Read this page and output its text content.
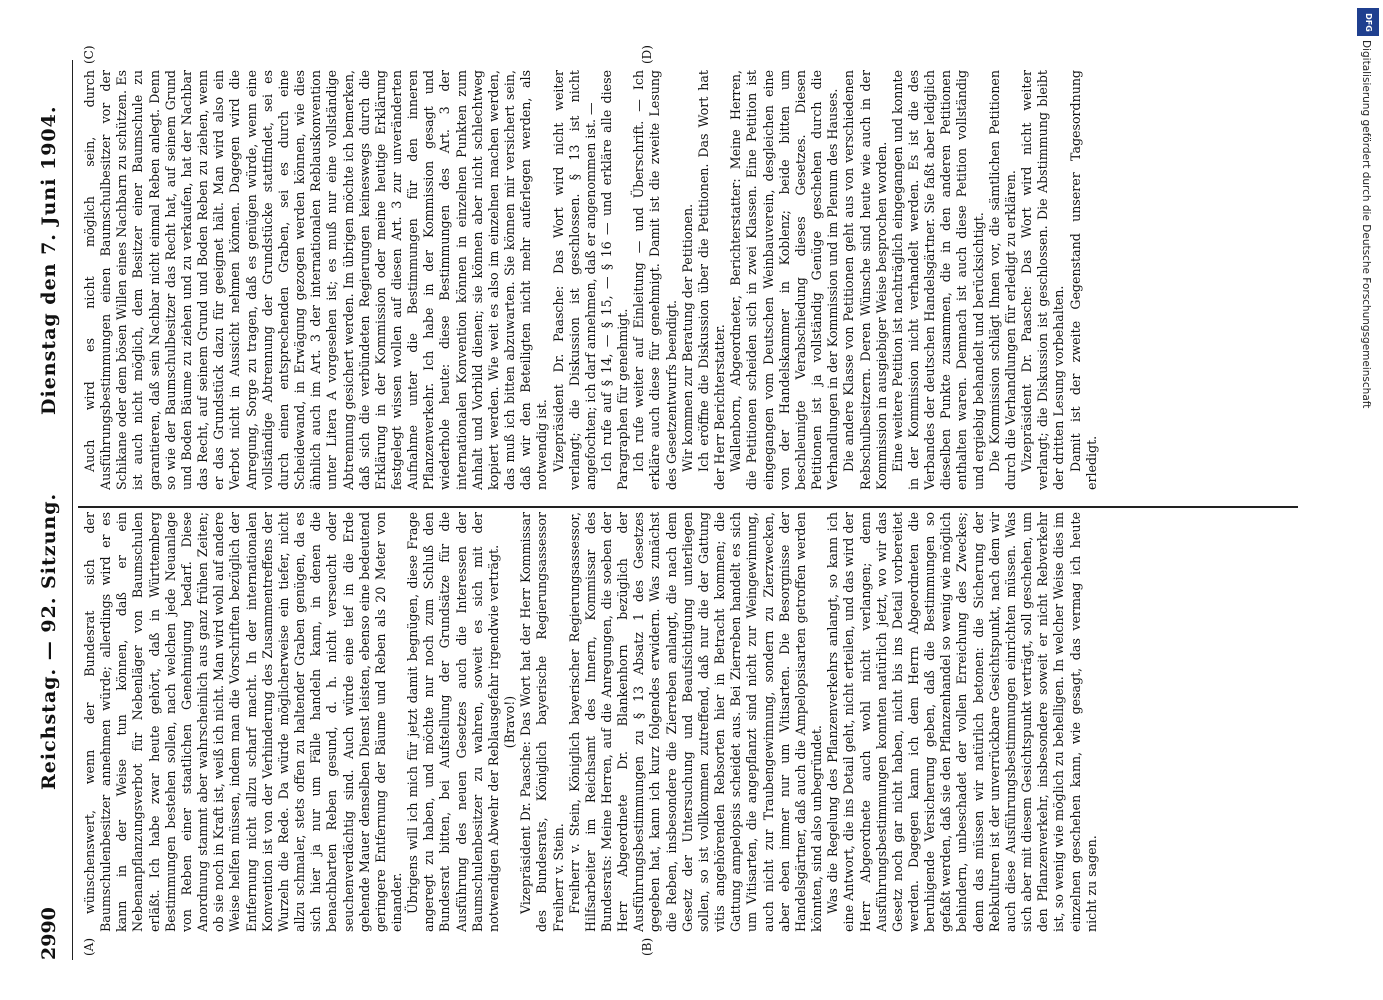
2990
Reichstag. — 92. Sitzung.
Dienstag den 7. Juni 1904.
(A)	(B)
(C)	(D)

wünschenswert, wenn der Bundesrat sich der Baumschulenbesitzer annehmen würde; allerdings wird er es kann in der Weise tun können, daß er ein Nebenanpflanzungsverbot für Nebenläger von Baumschulen erläßt. Ich habe zwar heute gehört, daß in Württemberg Bestimmungen bestehen sollen, nach welchen jede Neuanlage von Reben einer staatlichen Genehmigung bedarf. Diese Anordnung stammt aber wahrscheinlich aus ganz frühen Zeiten; ob sie noch in Kraft ist, weiß ich nicht. Man wird wohl auf andere Weise helfen müssen, indem man die Vorschriften bezüglich der Entfernung nicht allzu scharf macht. In der internationalen Konvention ist von der Verhinderung des Zusammentreffens der Wurzeln die Rede. Da würde möglicherweise ein tiefer, nicht allzu schmaler, stets offen zu haltender Graben genügen, da es sich hier ja nur um Fälle handeln kann, in denen die benachbarten Reben gesund, d. h. nicht verseucht oder seuchenverdächtig sind. Auch würde eine tief in die Erde gehende Mauer denselben Dienst leisten, ebenso eine bedeutend geringere Entfernung der Bäume und Reben als 20 Meter von einander. Übrigens will ich mich für jetzt damit begnügen, diese Frage angeregt zu haben, und möchte nur noch zum Schluß den Bundesrat bitten, bei Aufstellung der Grundsätze für die Ausführung des neuen Gesetzes auch die Interessen der Baumschulenbesitzer zu wahren, soweit es sich mit der notwendigen Abwehr der Reblausgefahr irgendwie verträgt. (Bravo!) Vizepräsident Dr. Paasche: Das Wort hat der Herr Kommissar des Bundesrats, Königlich bayerische Regierungsassessor Freiherr v. Stein. Freiherr v. Stein, Königlich bayerischer Regierungsassessor, Hilfsarbeiter im Reichsamt des Innern, Kommissar des Bundesrats: Meine Herren, auf die Anregungen, die soeben der Herr Abgeordnete Dr. Blankenhorn bezüglich der Ausführungsbestimmungen zu § 13 Absatz 1 des Gesetzes gegeben hat, kann ich kurz folgendes erwidern. Was zunächst die Reben, insbesondere die Zierreben anlangt, die nach dem Gesetz der Untersuchung und Beaufsichtigung unterliegen sollen, so ist vollkommen zutreffend, daß nur die der Gattung vitis angehörenden Rebsorten hier in Betracht kommen; die Gattung ampelopsis scheidet aus. Bei Zierreben handelt es sich um Vitisarten, die angepflanzt sind nicht zur Weingewinnung, auch nicht zur Traubengewinnung, sondern zu Zierzwecken, aber eben immer nur um Vitisarten. Die Besorgnisse der Handelsgärtner, daß auch die Ampelopsisarten getroffen werden könnten, sind also unbegründet. Was die Regelung des Pflanzenverkehrs anlangt, so kann ich eine Antwort, die ins Detail geht, nicht erteilen, und das wird der Herr Abgeordnete auch wohl nicht verlangen; denn Ausführungsbestimmungen konnten natürlich jetzt, wo wir das Gesetz noch gar nicht haben, nicht bis ins Detail vorbereitet werden. Dagegen kann ich dem Herrn Abgeordneten die beruhigende Versicherung geben, daß die Bestimmungen so gefaßt werden, daß sie den Pflanzenhandel so wenig wie möglich behindern, unbeschadet der vollen Erreichung des Zweckes; denn das müssen wir natürlich betonen: die Sicherung der Rebkulturen ist der unverrückbare Gesichtspunkt, nach dem wir auch diese Ausführungsbestimmungen einrichten müssen. Was sich aber mit diesem Gesichtspunkt verträgt, soll geschehen, um den Pflanzenverkehr, insbesondere soweit er nicht Rebverkehr ist, so wenig wie möglich zu behelligen. In welcher Weise dies im einzelnen geschehen kann, wie gesagt, das vermag ich heute nicht zu sagen.

Auch wird es nicht möglich sein, durch Ausführungsbestimmungen einen Baumschulbesitzer vor der Schikane oder dem bösen Willen eines Nachbarn zu schützen. Es ist auch nicht möglich, dem Besitzer einer Baumschule zu garantieren, daß sein Nachbar nicht einmal Reben anlegt. Denn so wie der Baumschulbesitzer das Recht hat, auf seinem Grund und Boden Bäume zu ziehen und zu verkaufen, hat der Nachbar das Recht, auf seinem Grund und Boden Reben zu ziehen, wenn er das Grundstück dazu für geeignet hält. Man wird also ein Verbot nicht in Aussicht nehmen können. Dagegen wird die Anregung, Sorge zu tragen, daß es genügen würde, wenn eine vollständige Abtrennung der Grundstücke stattfindet, sei es durch einen entsprechenden Graben, sei es durch eine Scheidewand, in Erwägung gezogen werden können, wie dies ähnlich auch im Art. 3 der internationalen Reblauskonvention unter Litera A vorgesehen ist; es muß nur eine vollständige Abtrennung gesichert werden. Im übrigen möchte ich bemerken, daß sich die verbündeten Regierungen keineswegs durch die Erklärung in der Kommission oder meine heutige Erklärung festgelegt wissen wollen auf diesen Art. 3 zur unveränderten Aufnahme unter die Bestimmungen für den inneren Pflanzenverkehr. Ich habe in der Kommission gesagt und wiederhole heute: diese Bestimmungen des Art. 3 der internationalen Konvention können in einzelnen Punkten zum Anhalt und Vorbild dienen; sie können aber nicht schlechtweg kopiert werden. Wie weit es also im einzelnen machen werden, das muß ich bitten abzuwarten. Sie können mir versichert sein, daß wir den Beteiligten nicht mehr auferlegen werden, als notwendig ist. Vizepräsident Dr. Paasche: Das Wort wird nicht weiter verlangt; die Diskussion ist geschlossen. § 13 ist nicht angefochten; ich darf annehmen, daß er angenommen ist. — Ich rufe auf § 14, — § 15, — § 16 — und erkläre alle diese Paragraphen für genehmigt. Ich rufe weiter auf Einleitung — und Überschrift. — Ich erkläre auch diese für genehmigt. Damit ist die zweite Lesung des Gesetzentwurfs beendigt. Wir kommen zur Beratung der Petitionen. Ich eröffne die Diskussion über die Petitionen. Das Wort hat der Herr Berichterstatter. Wallenborn, Abgeordneter, Berichterstatter: Meine Herren, die Petitionen scheiden sich in zwei Klassen. Eine Petition ist eingegangen vom Deutschen Weinbauverein, desgleichen eine von der Handelskammer in Koblenz; beide bitten um beschleunigte Verabschiedung dieses Gesetzes. Diesen Petitionen ist ja vollständig Genüge geschehen durch die Verhandlungen in der Kommission und im Plenum des Hauses. Die andere Klasse von Petitionen geht aus von verschiedenen Rebschulbesitzern. Deren Wünsche sind heute wie auch in der Kommission in ausgiebiger Weise besprochen worden. Eine weitere Petition ist nachträglich eingegangen und konnte in der Kommission nicht verhandelt werden. Es ist die des Verbandes der deutschen Handelsgärtner. Sie faßt aber lediglich dieselben Punkte zusammen, die in den anderen Petitionen enthalten waren. Demnach ist auch diese Petition vollständig und ergiebig behandelt und berücksichtigt. Die Kommission schlägt Ihnen vor, die sämtlichen Petitionen durch die Verhandlungen für erledigt zu erklären. Vizepräsident Dr. Paasche: Das Wort wird nicht weiter verlangt; die Diskussion ist geschlossen. Die Abstimmung bleibt der dritten Lesung vorbehalten. Damit ist der zweite Gegenstand unserer Tagesordnung erledigt.

DFG
Digitalisierung gefördert durch die Deutsche Forschungsgemeinschaft
